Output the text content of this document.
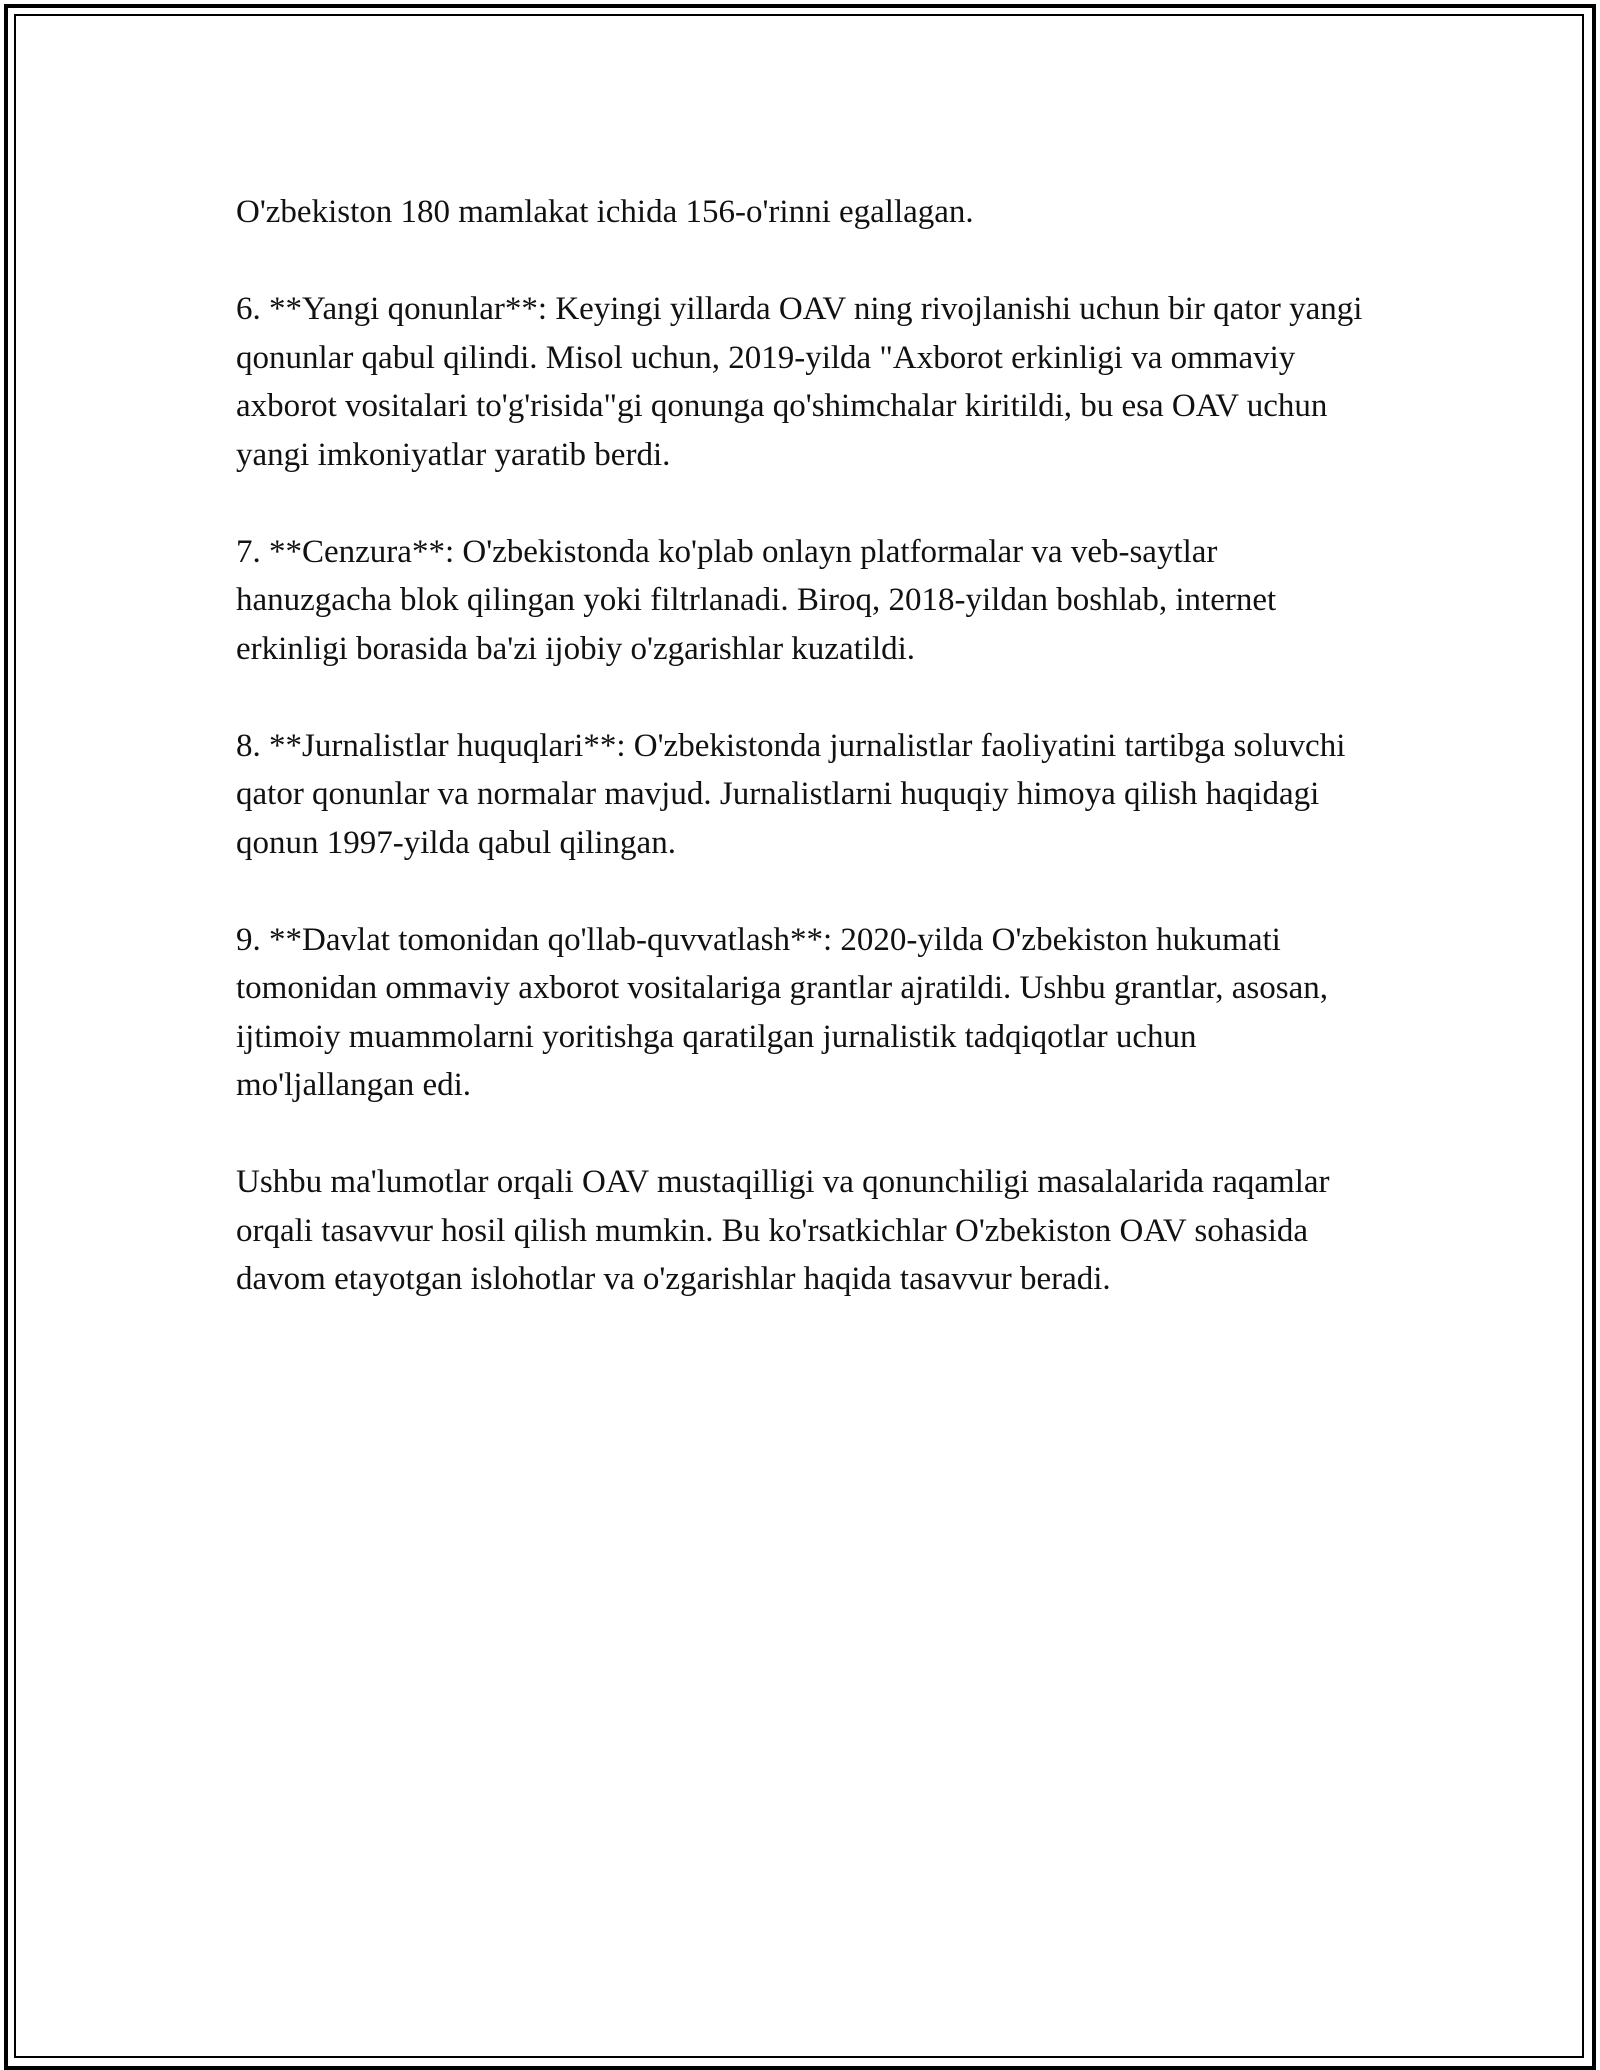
O'zbekiston 180 mamlakat ichida 156-o'rinni egallagan.

6. **Yangi qonunlar**: Keyingi yillarda OAV ning rivojlanishi uchun bir qator yangi qonunlar qabul qilindi. Misol uchun, 2019-yilda "Axborot erkinligi va ommaviy axborot vositalari to'g'risida"gi qonunga qo'shimchalar kiritildi, bu esa OAV uchun yangi imkoniyatlar yaratib berdi.

7. **Cenzura**: O'zbekistonda ko'plab onlayn platformalar va veb-saytlar hanuzgacha blok qilingan yoki filtrlanadi. Biroq, 2018-yildan boshlab, internet erkinligi borasida ba'zi ijobiy o'zgarishlar kuzatildi.

8. **Jurnalistlar huquqlari**: O'zbekistonda jurnalistlar faoliyatini tartibga soluvchi qator qonunlar va normalar mavjud. Jurnalistlarni huquqiy himoya qilish haqidagi qonun 1997-yilda qabul qilingan.

9. **Davlat tomonidan qo'llab-quvvatlash**: 2020-yilda O'zbekiston hukumati tomonidan ommaviy axborot vositalariga grantlar ajratildi. Ushbu grantlar, asosan, ijtimoiy muammolarni yoritishga qaratilgan jurnalistik tadqiqotlar uchun mo'ljallangan edi.

Ushbu ma'lumotlar orqali OAV mustaqilligi va qonunchiligi masalalarida raqamlar orqali tasavvur hosil qilish mumkin. Bu ko'rsatkichlar O'zbekiston OAV sohasida davom etayotgan islohotlar va o'zgarishlar haqida tasavvur beradi.
